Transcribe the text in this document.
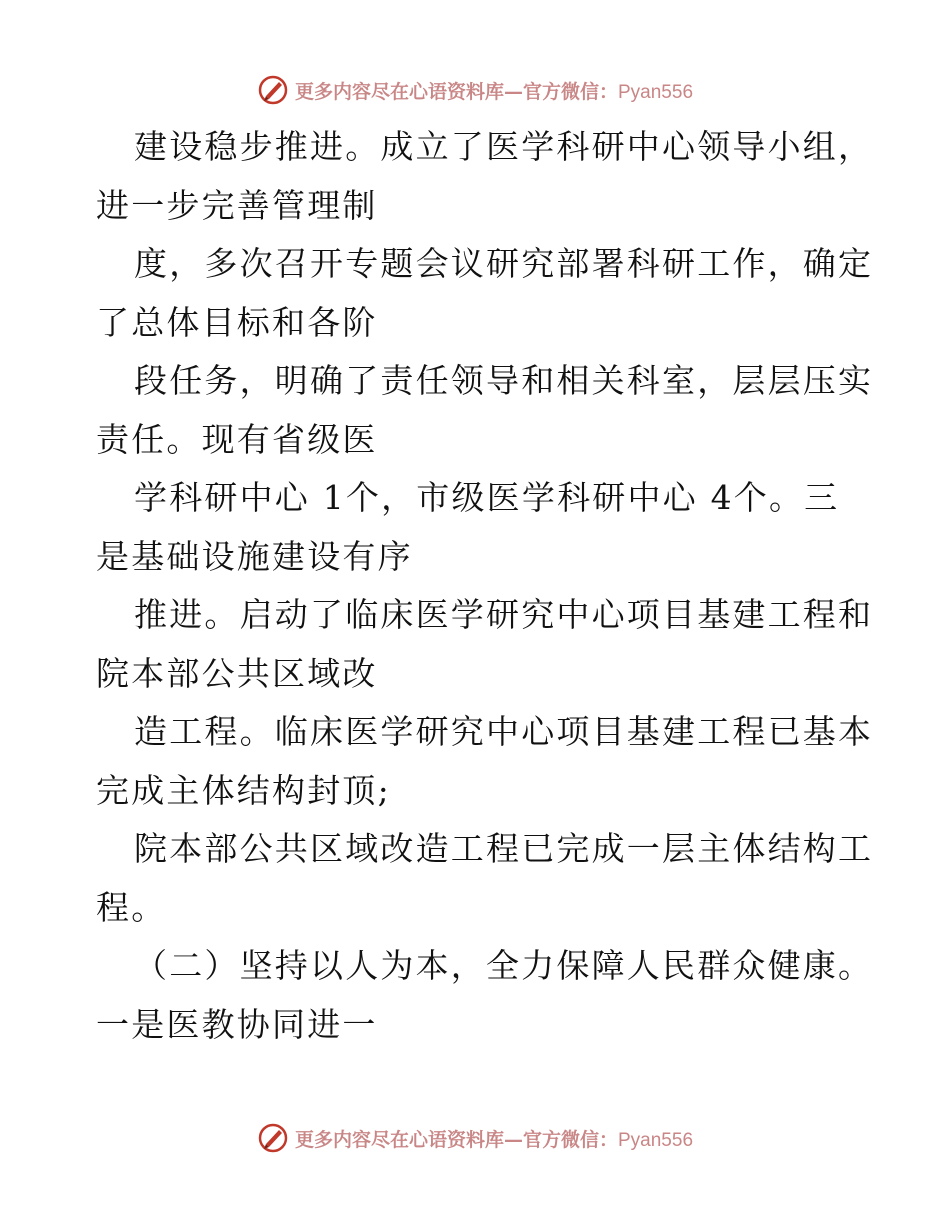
更多内容尽在心语资料库—官方微信：Pyan556
建设稳步推进。成立了医学科研中心领导小组，
进一步完善管理制
度，多次召开专题会议研究部署科研工作，确定
了总体目标和各阶
段任务，明确了责任领导和相关科室，层层压实
责任。现有省级医
学科研中心 1个，市级医学科研中心 4个。三
是基础设施建设有序
推进。启动了临床医学研究中心项目基建工程和
院本部公共区域改
造工程。临床医学研究中心项目基建工程已基本
完成主体结构封顶;
院本部公共区域改造工程已完成一层主体结构工
程。
（二）坚持以人为本，全力保障人民群众健康。
一是医教协同进一
更多内容尽在心语资料库—官方微信：Pyan556
